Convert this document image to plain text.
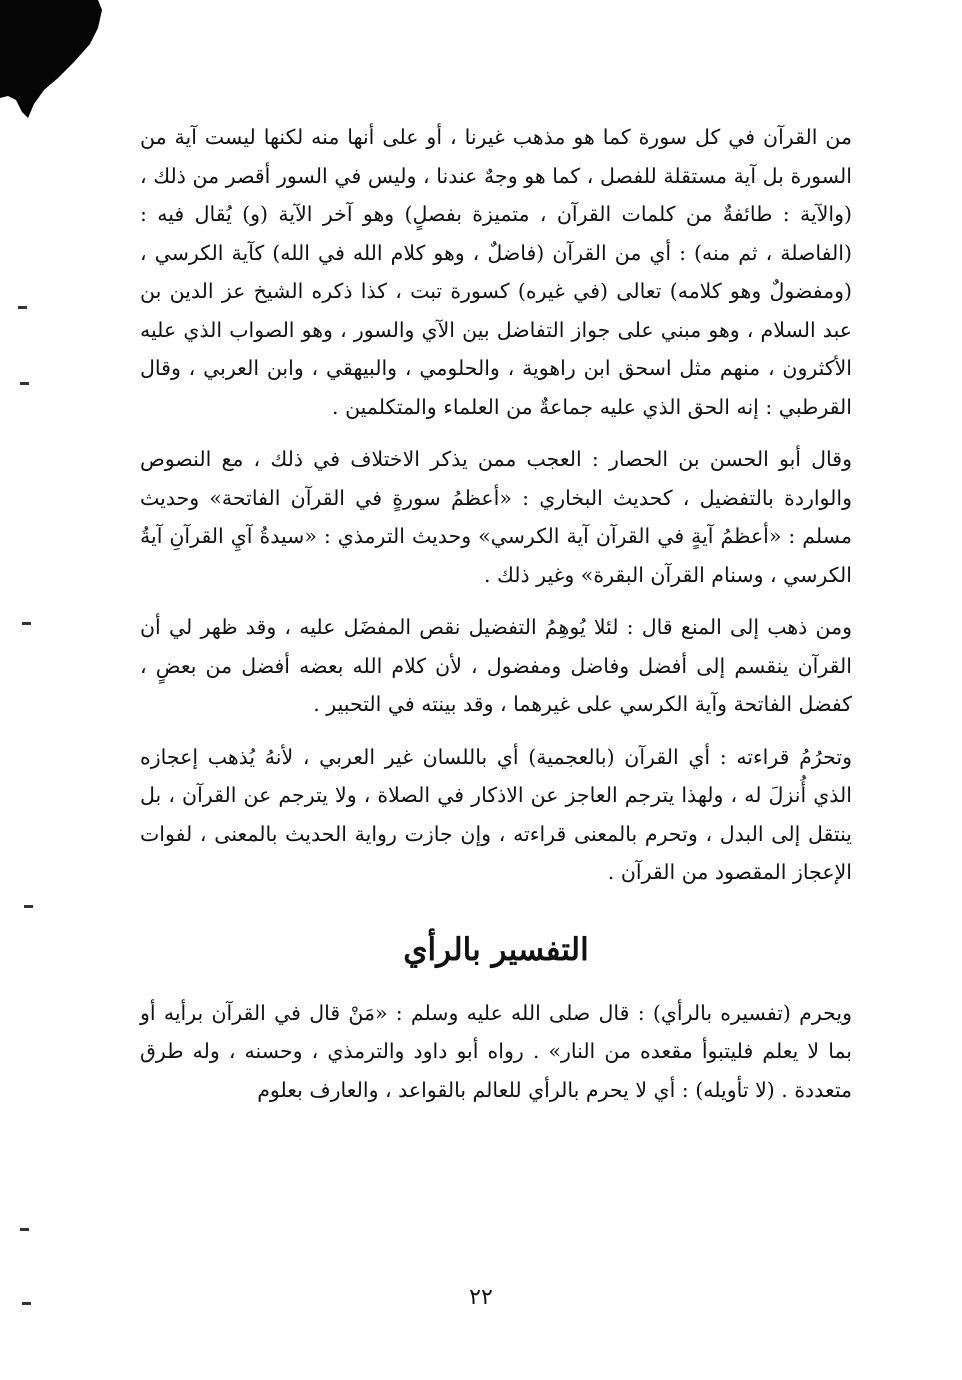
من القرآن في كل سورة كما هو مذهب غيرنا ، أو على أنها منه لكنها ليست آية من السورة بل آية مستقلة للفصل ، كما هو وجهٌ عندنا ، وليس في السور أقصر من ذلك ، (والآية : طائفةٌ من كلمات القرآن ، متميزة بفصلٍ) وهو آخر الآية (و) يُقال فيه : (الفاصلة ، ثم منه) : أي من القرآن (فاضلٌ ، وهو كلام الله في الله) كآية الكرسي ، (ومفضولٌ وهو كلامه) تعالى (في غيره) كسورة تبت ، كذا ذكره الشيخ عز الدين بن عبد السلام ، وهو مبني على جواز التفاضل بين الآي والسور ، وهو الصواب الذي عليه الأكثرون ، منهم مثل اسحق ابن راهوية ، والحلومي ، والبيهقي ، وابن العربي ، وقال القرطبي : إنه الحق الذي عليه جماعةٌ من العلماء والمتكلمين .

وقال أبو الحسن بن الحصار : العجب ممن يذكر الاختلاف في ذلك ، مع النصوص والواردة بالتفضيل ، كحديث البخاري : «أعظمُ سورةٍ في القرآن الفاتحة» وحديث مسلم : «أعظمُ آيةٍ في القرآن آية الكرسي» وحديث الترمذي : «سيدةُ آيِ القرآنِ آيةُ الكرسي ، وسنام القرآن البقرة» وغير ذلك .

ومن ذهب إلى المنع قال : لئلا يُوهِمُ التفضيل نقص المفضَل عليه ، وقد ظهر لي أن القرآن ينقسم إلى أفضل وفاضل ومفضول ، لأن كلام الله بعضه أفضل من بعضٍ ، كفضل الفاتحة وآية الكرسي على غيرهما ، وقد بينته في التحبير .

وتحرُمُ قراءته : أي القرآن (بالعجمية) أي باللسان غير العربي ، لأنهُ يُذهب إعجازه الذي أُنزلَ له ، ولهذا يترجم العاجز عن الاذكار في الصلاة ، ولا يترجم عن القرآن ، بل ينتقل إلى البدل ، وتحرم بالمعنى قراءته ، وإن جازت رواية الحديث بالمعنى ، لفوات الإعجاز المقصود من القرآن .

التفسير بالرأي

ويحرم (تفسيره بالرأي) : قال صلى الله عليه وسلم : «مَنْ قال في القرآن برأيه أو بما لا يعلم فليتبوأ مقعده من النار» . رواه أبو داود والترمذي ، وحسنه ، وله طرق متعددة . (لا تأويله) : أي لا يحرم بالرأي للعالم بالقواعد ، والعارف بعلوم

٢٢
